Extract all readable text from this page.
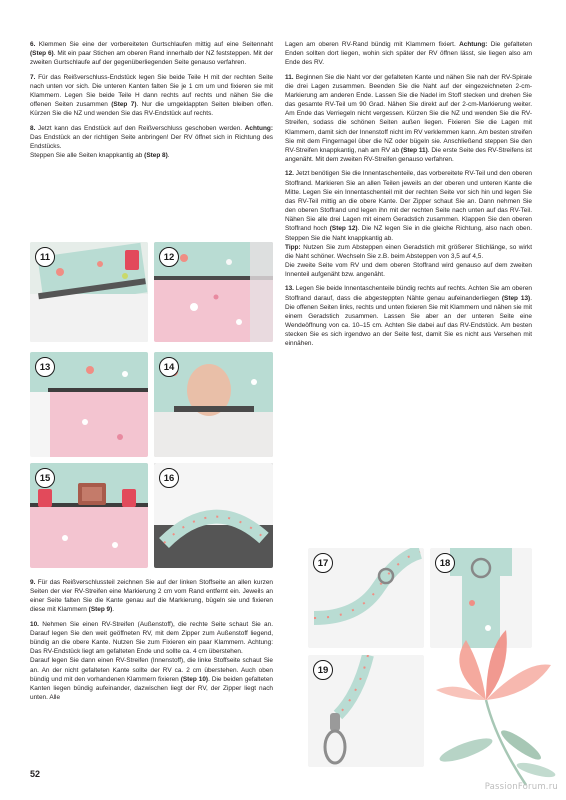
6. Klemmen Sie eine der vorbereiteten Gurtschlaufen mittig auf eine Seitennaht (Step 6). Mit ein paar Stichen am oberen Rand innerhalb der NZ feststeppen. Mit der zweiten Gurtschlaufe auf der gegenüberliegenden Seite genauso verfahren.

7. Für das Reißverschluss-Endstück legen Sie beide Teile H mit der rechten Seite nach unten vor sich. Die unteren Kanten falten Sie je 1 cm um und fixieren sie mit Klammern. Legen Sie beide Teile H dann rechts auf rechts und nähen Sie die offenen Seiten zusammen (Step 7). Nur die umgeklappten Seiten bleiben offen. Kürzen Sie die NZ und wenden Sie das RV-Endstück auf rechts.

8. Jetzt kann das Endstück auf den Reißverschluss geschoben werden. Achtung: Das Endstück an der richtigen Seite anbringen! Der RV öffnet sich in Richtung des Endstücks.
Steppen Sie alle Seiten knappkantig ab (Step 8).

11	12
13	14
15	16

9. Für das Reißverschlussteil zeichnen Sie auf der linken Stoffseite an allen kurzen Seiten der vier RV-Streifen eine Markierung 2 cm vom Rand entfernt ein. Jeweils an einer Seite falten Sie die Kante genau auf die Markierung, bügeln sie und fixieren diese mit Klammern (Step 9).

10. Nehmen Sie einen RV-Streifen (Außenstoff), die rechte Seite schaut Sie an. Darauf legen Sie den weit geöffneten RV, mit dem Zipper zum Außenstoff liegend, bündig an die obere Kante. Nutzen Sie zum Fixieren ein paar Klammern. Achtung: Das RV-Endstück liegt am gefalteten Ende und sollte ca. 4 cm überstehen.
Darauf legen Sie dann einen RV-Streifen (Innenstoff), die linke Stoffseite schaut Sie an. An der nicht gefalteten Kante sollte der RV ca. 2 cm überstehen. Auch oben bündig und mit den vorhandenen Klammern fixieren (Step 10). Die beiden gefalteten Kanten liegen bündig aufeinander, dazwischen liegt der RV, der Zipper liegt nach unten. Alle

Lagen am oberen RV-Rand bündig mit Klammern fixiert. Achtung: Die gefalteten Enden sollten dort liegen, wohin sich später der RV öffnen lässt, sie liegen also am Ende des RV.

11. Beginnen Sie die Naht vor der gefalteten Kante und nähen Sie nah der RV-Spirale die drei Lagen zusammen. Beenden Sie die Naht auf der eingezeichneten 2-cm-Markierung am anderen Ende. Lassen Sie die Nadel im Stoff stecken und drehen Sie das gesamte RV-Teil um 90 Grad. Nähen Sie direkt auf der 2-cm-Markierung weiter. Am Ende das Verriegeln nicht vergessen. Kürzen Sie die NZ und wenden Sie die RV-Streifen, sodass die schönen Seiten außen liegen. Fixieren Sie die Lagen mit Klammern, damit sich der Innenstoff nicht im RV verklemmen kann. Am besten streifen Sie mit dem Fingernagel über die NZ oder bügeln sie. Anschließend steppen Sie den RV-Streifen knappkantig, nah am RV ab (Step 11). Die erste Seite des RV-Streifens ist angenäht. Mit dem zweiten RV-Streifen genauso verfahren.

12. Jetzt benötigen Sie die Innentaschenteile, das vorbereitete RV-Teil und den oberen Stoffrand. Markieren Sie an allen Teilen jeweils an der oberen und unteren Kante die Mitte. Legen Sie ein Innentaschenteil mit der rechten Seite vor sich hin und legen Sie das RV-Teil mittig an die obere Kante. Der Zipper schaut Sie an. Dann nehmen Sie den oberen Stoffrand und legen ihn mit der rechten Seite nach unten auf das RV-Teil. Nähen Sie alle drei Lagen mit einem Geradstich zusammen. Klappen Sie den oberen Stoffrand hoch (Step 12). Die NZ legen Sie in die gleiche Richtung, also nach oben. Steppen Sie die Naht knappkantig ab.

Tipp: Nutzen Sie zum Absteppen einen Geradstich mit größerer Stichlänge, so wirkt die Naht schöner. Wechseln Sie z.B. beim Absteppen von 3,5 auf 4,5.
Die zweite Seite vom RV und dem oberen Stoffrand wird genauso auf dem zweiten Innenteil aufgenäht bzw. angenäht.

13. Legen Sie beide Innentaschenteile bündig rechts auf rechts. Achten Sie am oberen Stoffrand darauf, dass die abgesteppten Nähte genau aufeinanderliegen (Step 13). Die offenen Seiten links, rechts und unten fixieren Sie mit Klammern und nähen sie mit einem Geradstich zusammen. Lassen Sie aber an der unteren Seite eine Wendeöffnung von ca. 10–15 cm. Achten Sie dabei auf das RV-Endstück. Am besten stecken Sie es sich irgendwo an der Seite fest, damit Sie es nicht aus Versehen mit einnähen.

17	18
19
52
PassionForum.ru
